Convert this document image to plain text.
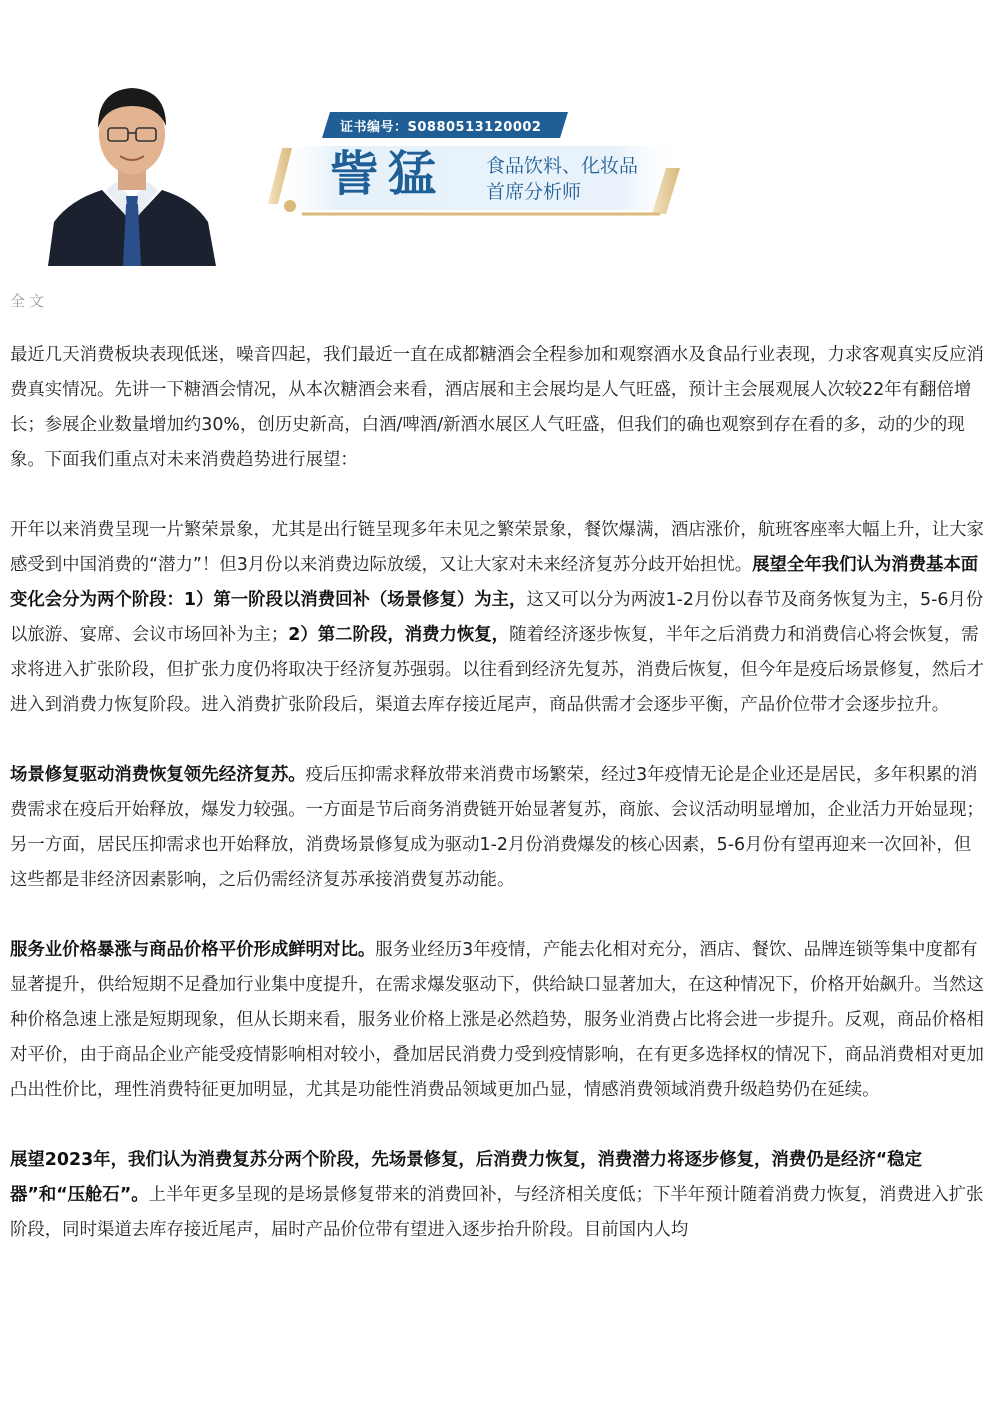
证书编号：S0880513120002
訾猛 食品饮料、化妆品
首席分析师
全文

最近几天消费板块表现低迷，噪音四起，我们最近一直在成都糖酒会全程参加和观察酒水及食品行业表现，力求客观真实反应消费真实情况。先讲一下糖酒会情况，从本次糖酒会来看，酒店展和主会展均是人气旺盛，预计主会展观展人次较22年有翻倍增长；参展企业数量增加约30%，创历史新高，白酒/啤酒/新酒水展区人气旺盛，但我们的确也观察到存在看的多，动的少的现象。下面我们重点对未来消费趋势进行展望：

开年以来消费呈现一片繁荣景象，尤其是出行链呈现多年未见之繁荣景象，餐饮爆满，酒店涨价，航班客座率大幅上升，让大家感受到中国消费的“潜力”！但3月份以来消费边际放缓，又让大家对未来经济复苏分歧开始担忧。展望全年我们认为消费基本面变化会分为两个阶段：1）第一阶段以消费回补（场景修复）为主，这又可以分为两波1-2月份以春节及商务恢复为主，5-6月份以旅游、宴席、会议市场回补为主；2）第二阶段，消费力恢复，随着经济逐步恢复，半年之后消费力和消费信心将会恢复，需求将进入扩张阶段，但扩张力度仍将取决于经济复苏强弱。以往看到经济先复苏，消费后恢复，但今年是疫后场景修复，然后才进入到消费力恢复阶段。进入消费扩张阶段后，渠道去库存接近尾声，商品供需才会逐步平衡，产品价位带才会逐步拉升。

场景修复驱动消费恢复领先经济复苏。疫后压抑需求释放带来消费市场繁荣，经过3年疫情无论是企业还是居民，多年积累的消费需求在疫后开始释放，爆发力较强。一方面是节后商务消费链开始显著复苏，商旅、会议活动明显增加，企业活力开始显现；另一方面，居民压抑需求也开始释放，消费场景修复成为驱动1-2月份消费爆发的核心因素，5-6月份有望再迎来一次回补，但这些都是非经济因素影响，之后仍需经济复苏承接消费复苏动能。

服务业价格暴涨与商品价格平价形成鲜明对比。服务业经历3年疫情，产能去化相对充分，酒店、餐饮、品牌连锁等集中度都有显著提升，供给短期不足叠加行业集中度提升，在需求爆发驱动下，供给缺口显著加大，在这种情况下，价格开始飙升。当然这种价格急速上涨是短期现象，但从长期来看，服务业价格上涨是必然趋势，服务业消费占比将会进一步提升。反观，商品价格相对平价，由于商品企业产能受疫情影响相对较小，叠加居民消费力受到疫情影响，在有更多选择权的情况下，商品消费相对更加凸出性价比，理性消费特征更加明显，尤其是功能性消费品领域更加凸显，情感消费领域消费升级趋势仍在延续。

展望2023年，我们认为消费复苏分两个阶段，先场景修复，后消费力恢复，消费潜力将逐步修复，消费仍是经济“稳定器”和“压舱石”。上半年更多呈现的是场景修复带来的消费回补，与经济相关度低；下半年预计随着消费力恢复，消费进入扩张阶段，同时渠道去库存接近尾声，届时产品价位带有望进入逐步抬升阶段。目前国内人均
